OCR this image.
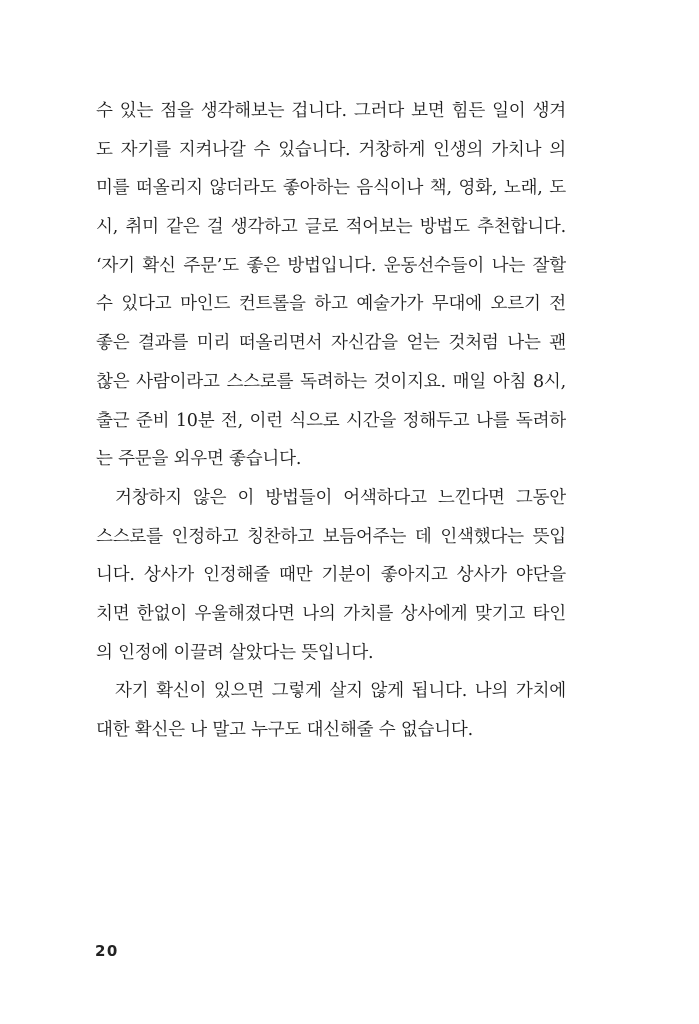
수 있는 점을 생각해보는 겁니다. 그러다 보면 힘든 일이 생겨
도 자기를 지켜나갈 수 있습니다. 거창하게 인생의 가치나 의
미를 떠올리지 않더라도 좋아하는 음식이나 책, 영화, 노래, 도
시, 취미 같은 걸 생각하고 글로 적어보는 방법도 추천합니다.
‘자기 확신 주문’도 좋은 방법입니다. 운동선수들이 나는 잘할
수 있다고 마인드 컨트롤을 하고 예술가가 무대에 오르기 전
좋은 결과를 미리 떠올리면서 자신감을 얻는 것처럼 나는 괜
찮은 사람이라고 스스로를 독려하는 것이지요. 매일 아침 8시,
출근 준비 10분 전, 이런 식으로 시간을 정해두고 나를 독려하
는 주문을 외우면 좋습니다.
거창하지 않은 이 방법들이 어색하다고 느낀다면 그동안
스스로를 인정하고 칭찬하고 보듬어주는 데 인색했다는 뜻입
니다. 상사가 인정해줄 때만 기분이 좋아지고 상사가 야단을
치면 한없이 우울해졌다면 나의 가치를 상사에게 맞기고 타인
의 인정에 이끌려 살았다는 뜻입니다.
자기 확신이 있으면 그렇게 살지 않게 됩니다. 나의 가치에
대한 확신은 나 말고 누구도 대신해줄 수 없습니다.
20
